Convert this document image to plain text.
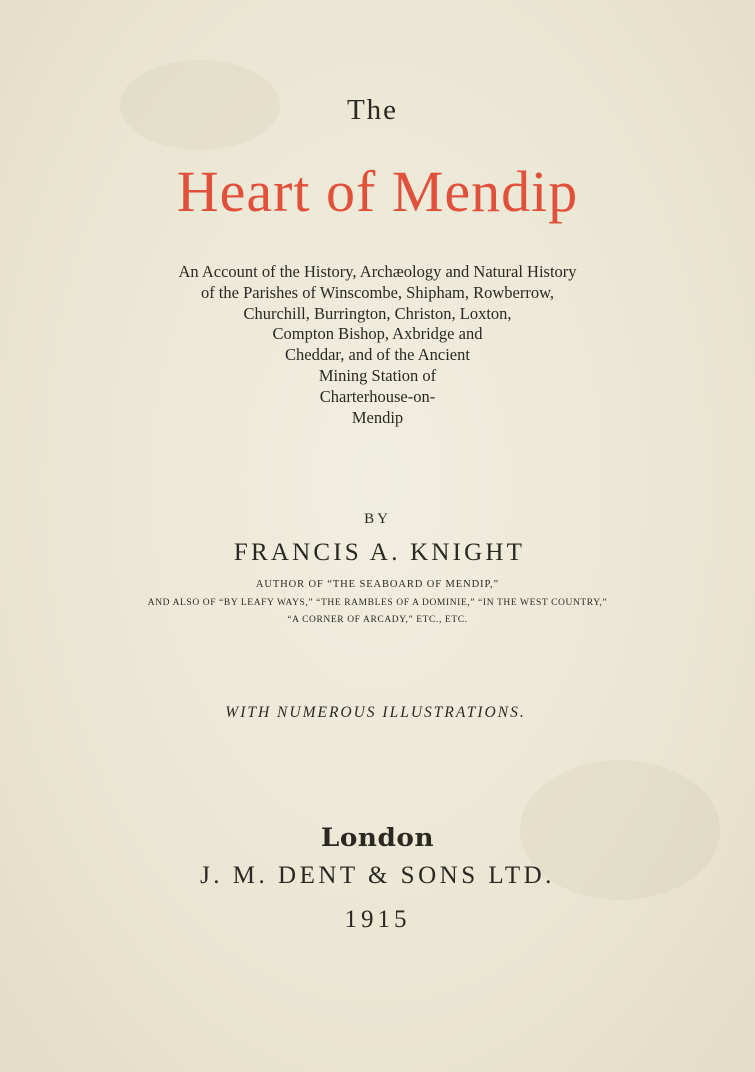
The
Heart of Mendip
An Account of the History, Archæology and Natural History
of the Parishes of Winscombe, Shipham, Rowberrow,
Churchill, Burrington, Christon, Loxton,
Compton Bishop, Axbridge and
Cheddar, and of the Ancient
Mining Station of
Charterhouse-on-
Mendip
BY
FRANCIS A. KNIGHT
AUTHOR OF “THE SEABOARD OF MENDIP,”
AND ALSO OF “BY LEAFY WAYS,” “THE RAMBLES OF A DOMINIE,” “IN THE WEST COUNTRY,”
“A CORNER OF ARCADY,” ETC., ETC.
WITH NUMEROUS ILLUSTRATIONS.
London
J. M. DENT & SONS LTD.
1915
